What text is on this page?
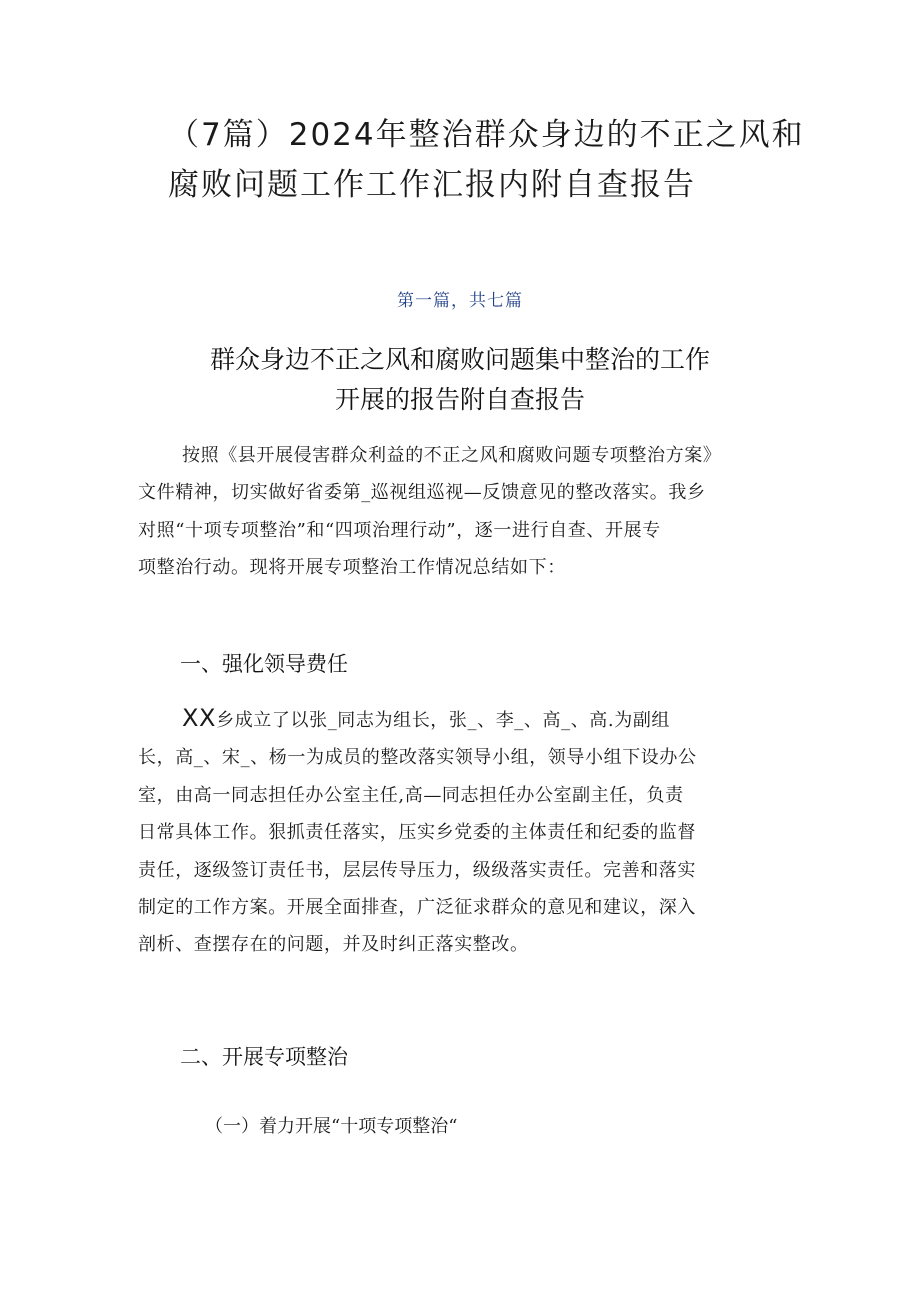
（7篇）2024年整治群众身边的不正之风和
腐败问题工作工作汇报内附自查报告
第一篇，共七篇
群众身边不正之风和腐败问题集中整治的工作
开展的报告附自查报告
按照《县开展侵害群众利益的不正之风和腐败问题专项整治方案》
文件精神，切实做好省委第_巡视组巡视—反馈意见的整改落实。我乡
对照“十项专项整治”和“四项治理行动”，逐一进行自查、开展专
项整治行动。现将开展专项整治工作情况总结如下：
一、强化领导费任
XX乡成立了以张_同志为组长，张_、李_、高_、高.为副组
长，高_、宋_、杨一为成员的整改落实领导小组，领导小组下设办公
室，由高一同志担任办公室主任,高—同志担任办公室副主任，负责
日常具体工作。狠抓责任落实，压实乡党委的主体责任和纪委的监督
责任，逐级签订责任书，层层传导压力，级级落实责任。完善和落实
制定的工作方案。开展全面排查，广泛征求群众的意见和建议，深入
剖析、查摆存在的问题，并及时纠正落实整改。
二、开展专项整治
（一）着力开展“十项专项整治“
